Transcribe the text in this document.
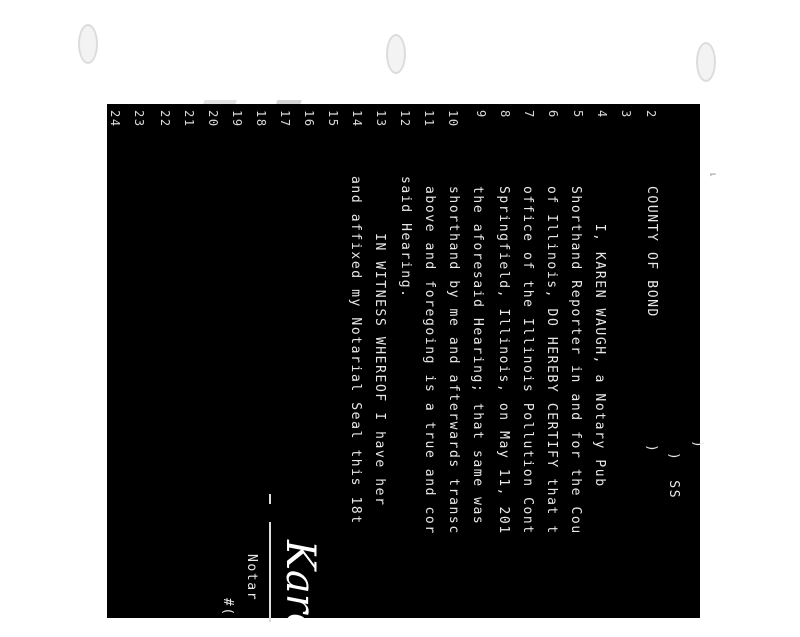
⌐
2
3
4
5
6
7
8
9
10
11
12
13
14
15
16
17
18
19
20
21
22
23
24
COUNTY OF BOND
)
)  SS
)
I, KAREN WAUGH, a Notary Pub
Shorthand Reporter in and for the Cou
of Illinois, DO HEREBY CERTIFY that t
office of the Illinois Pollution Cont
Springfield, Illinois, on May 11, 201
the aforesaid Hearing; that same was
shorthand by me and afterwards transc
above and foregoing is a true and cor
said Hearing.
IN WITNESS WHEREOF I have her
and affixed my Notarial Seal this 18t
Kare
Notar
#(
